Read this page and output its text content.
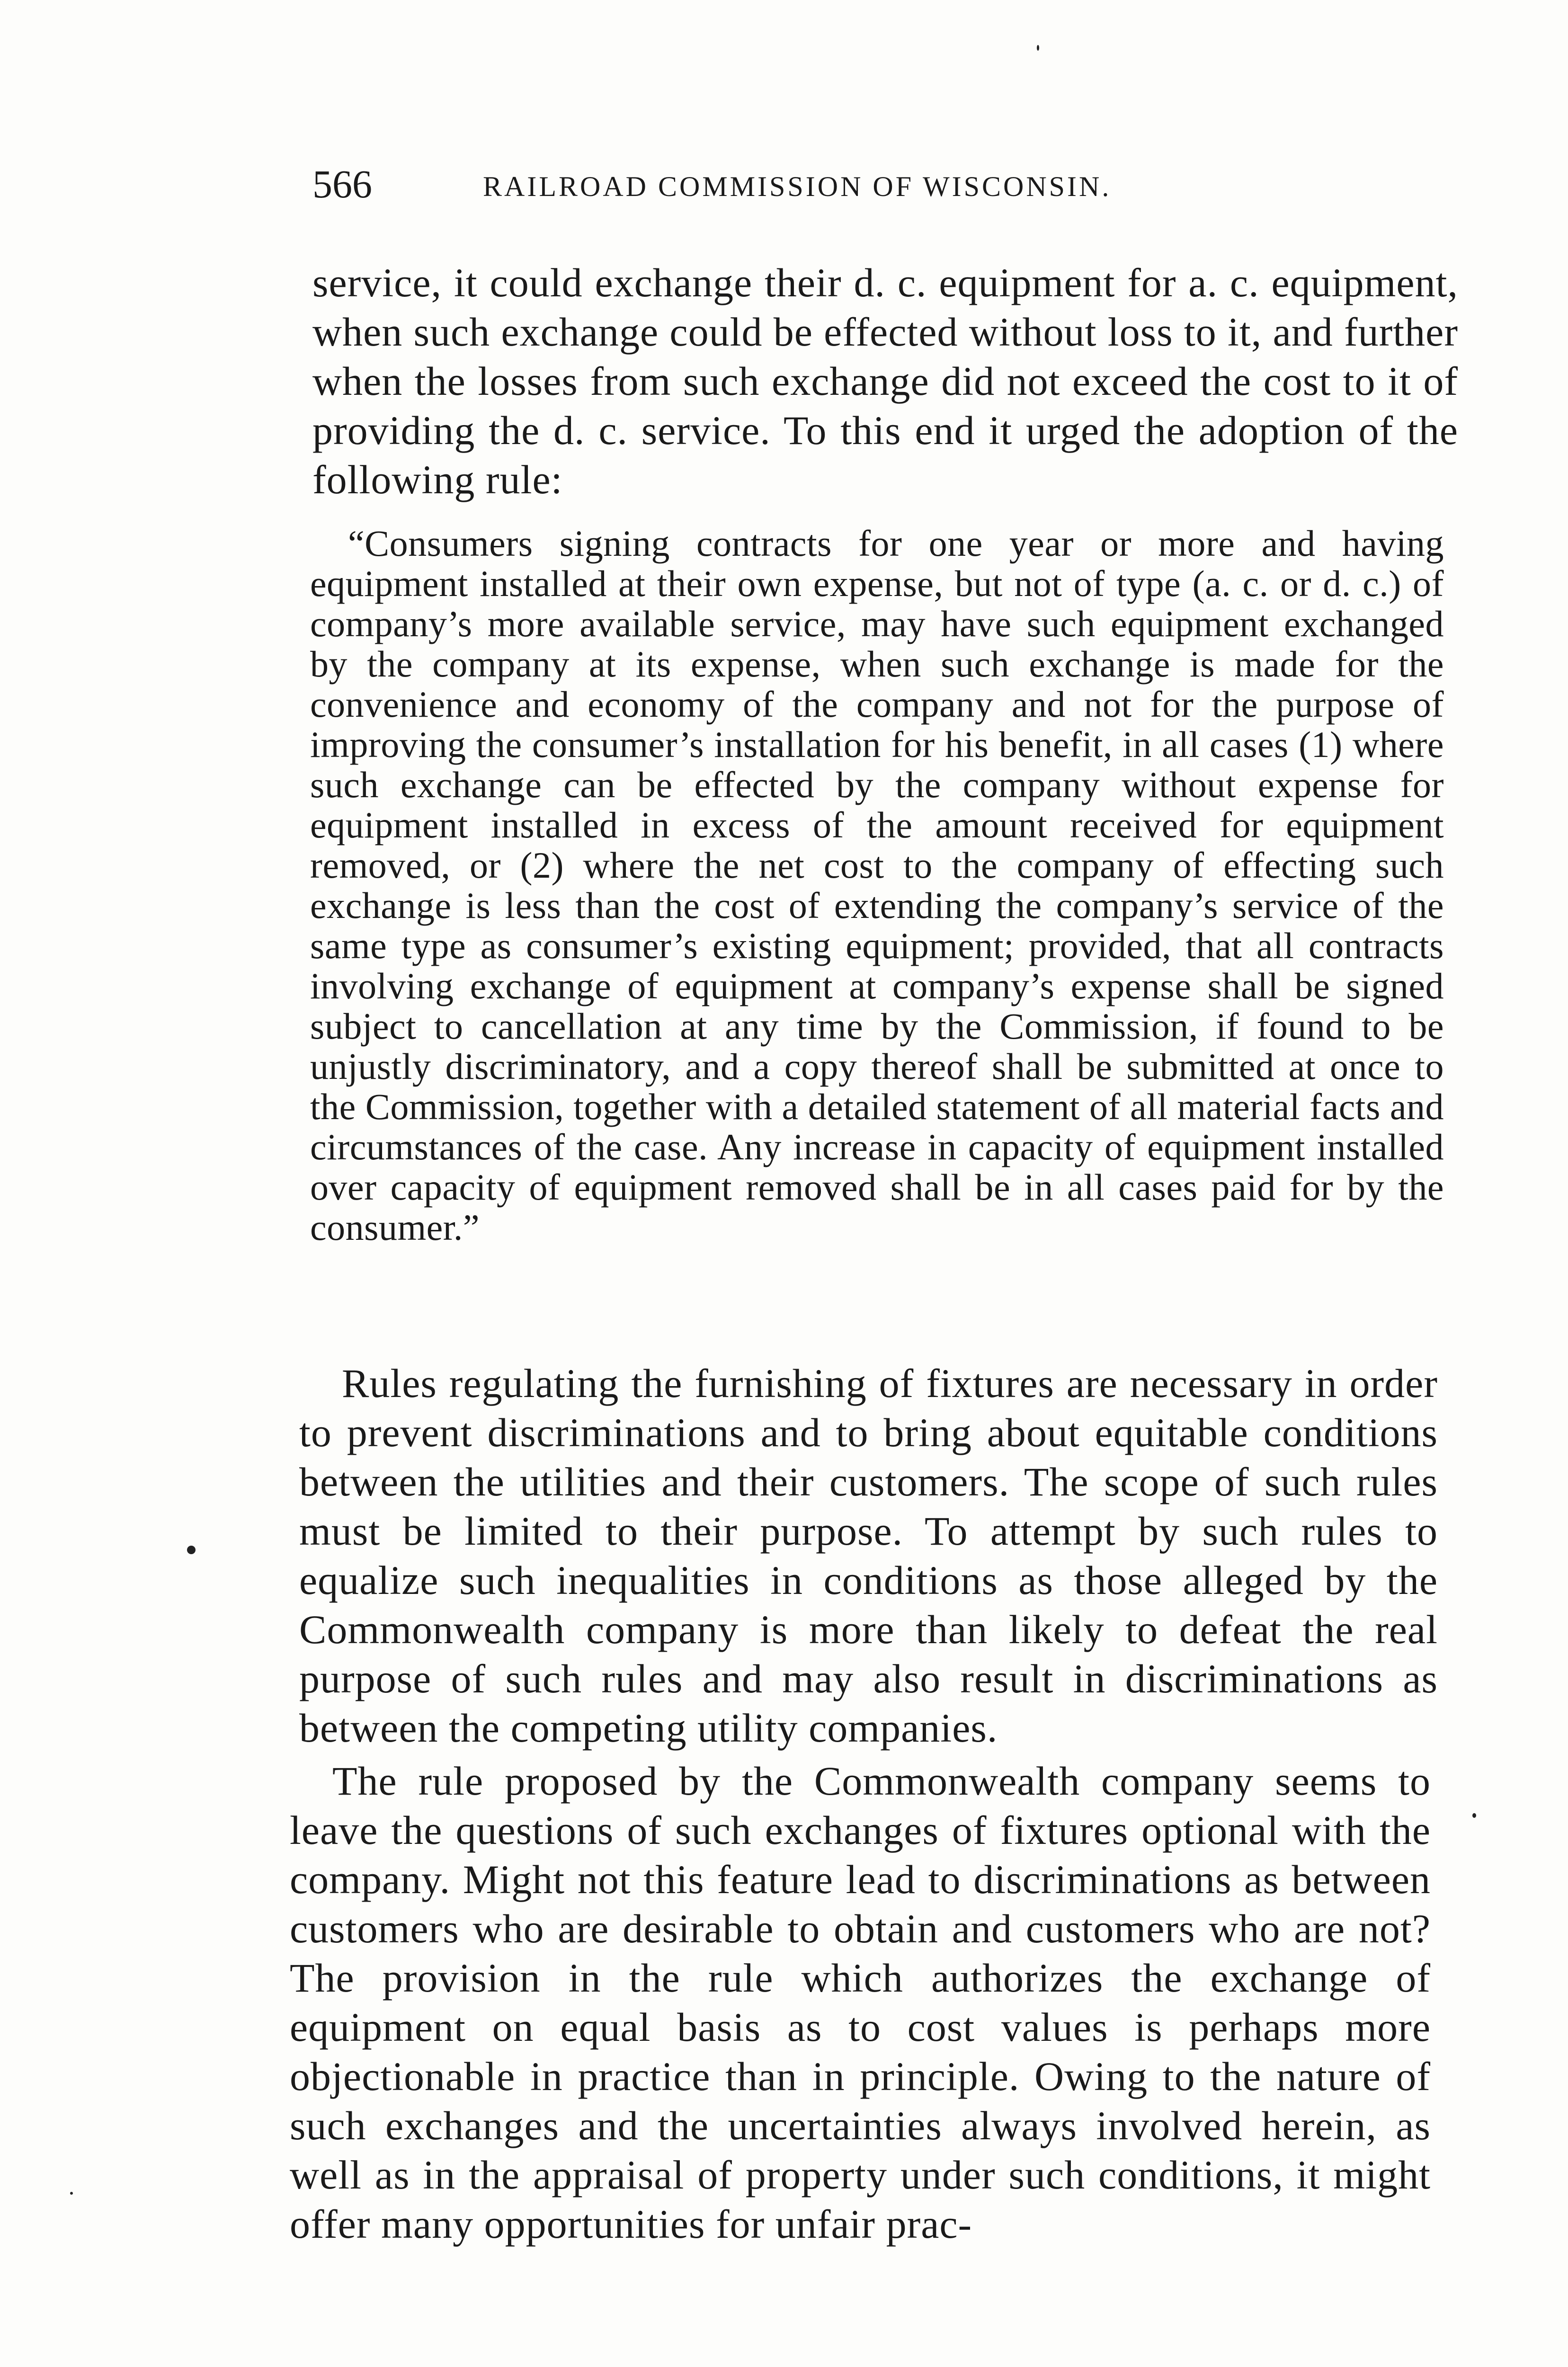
566	RAILROAD COMMISSION OF WISCONSIN.

service, it could exchange their d. c. equipment for a. c. equipment, when such exchange could be effected without loss to it, and further when the losses from such exchange did not exceed the cost to it of providing the d. c. service. To this end it urged the adoption of the following rule:

“Consumers signing contracts for one year or more and having equipment installed at their own expense, but not of type (a. c. or d. c.) of company’s more available service, may have such equipment exchanged by the company at its expense, when such exchange is made for the convenience and economy of the company and not for the purpose of improving the consumer’s installation for his benefit, in all cases (1) where such exchange can be effected by the company without expense for equipment installed in excess of the amount received for equipment removed, or (2) where the net cost to the company of effecting such exchange is less than the cost of extending the company’s service of the same type as consumer’s existing equipment; provided, that all contracts involving exchange of equipment at company’s expense shall be signed subject to cancellation at any time by the Commission, if found to be unjustly discriminatory, and a copy thereof shall be submitted at once to the Commission, together with a detailed statement of all material facts and circumstances of the case. Any increase in capacity of equipment installed over capacity of equipment removed shall be in all cases paid for by the consumer.”

Rules regulating the furnishing of fixtures are necessary in order to prevent discriminations and to bring about equitable conditions between the utilities and their customers. The scope of such rules must be limited to their purpose. To attempt by such rules to equalize such inequalities in conditions as those alleged by the Commonwealth company is more than likely to defeat the real purpose of such rules and may also result in discriminations as between the competing utility companies.

The rule proposed by the Commonwealth company seems to leave the questions of such exchanges of fixtures optional with the company. Might not this feature lead to discriminations as between customers who are desirable to obtain and customers who are not? The provision in the rule which authorizes the exchange of equipment on equal basis as to cost values is perhaps more objectionable in practice than in principle. Owing to the nature of such exchanges and the uncertainties always involved herein, as well as in the appraisal of property under such conditions, it might offer many opportunities for unfair prac-
